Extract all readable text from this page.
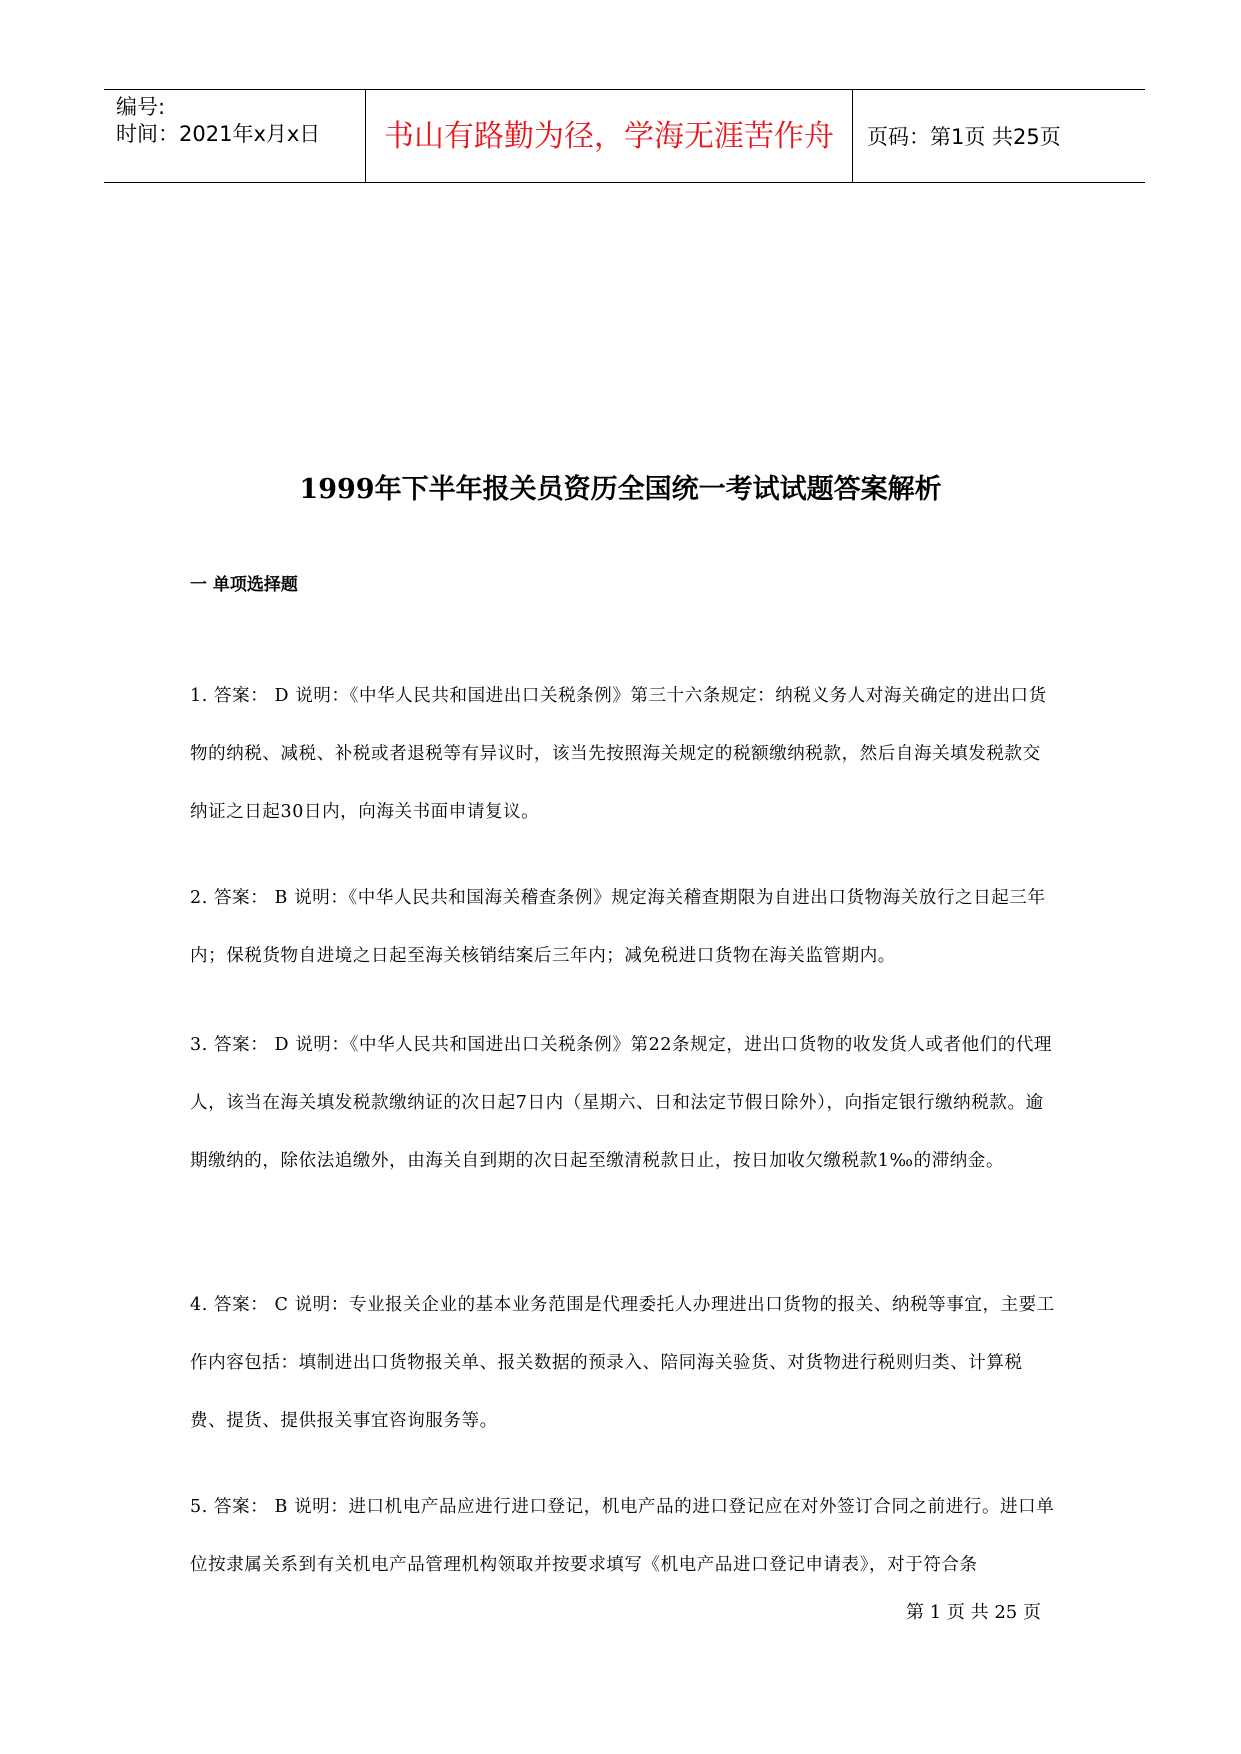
编号:
时间：2021年x月x日	书山有路勤为径，学海无涯苦作舟	页码：第1页 共25页
1999年下半年报关员资历全国统一考试试题答案解析
一 单项选择题

1. 答案： D 说明：《中华人民共和国进出口关税条例》第三十六条规定：纳税义务人对海关确定的进出口货物的纳税、减税、补税或者退税等有异议时，该当先按照海关规定的税额缴纳税款，然后自海关填发税款交纳证之日起30日内，向海关书面申请复议。

2. 答案： B 说明：《中华人民共和国海关稽查条例》规定海关稽查期限为自进出口货物海关放行之日起三年内；保税货物自进境之日起至海关核销结案后三年内；减免税进口货物在海关监管期内。

3. 答案： D 说明：《中华人民共和国进出口关税条例》第22条规定，进出口货物的收发货人或者他们的代理人，该当在海关填发税款缴纳证的次日起7日内（星期六、日和法定节假日除外），向指定银行缴纳税款。逾期缴纳的，除依法追缴外，由海关自到期的次日起至缴清税款日止，按日加收欠缴税款1‰的滞纳金。

4. 答案： C 说明：专业报关企业的基本业务范围是代理委托人办理进出口货物的报关、纳税等事宜，主要工作内容包括：填制进出口货物报关单、报关数据的预录入、陪同海关验货、对货物进行税则归类、计算税费、提货、提供报关事宜咨询服务等。

5. 答案： B 说明：进口机电产品应进行进口登记，机电产品的进口登记应在对外签订合同之前进行。进口单位按隶属关系到有关机电产品管理机构领取并按要求填写《机电产品进口登记申请表》，对于符合条

第 1 页 共 25 页
